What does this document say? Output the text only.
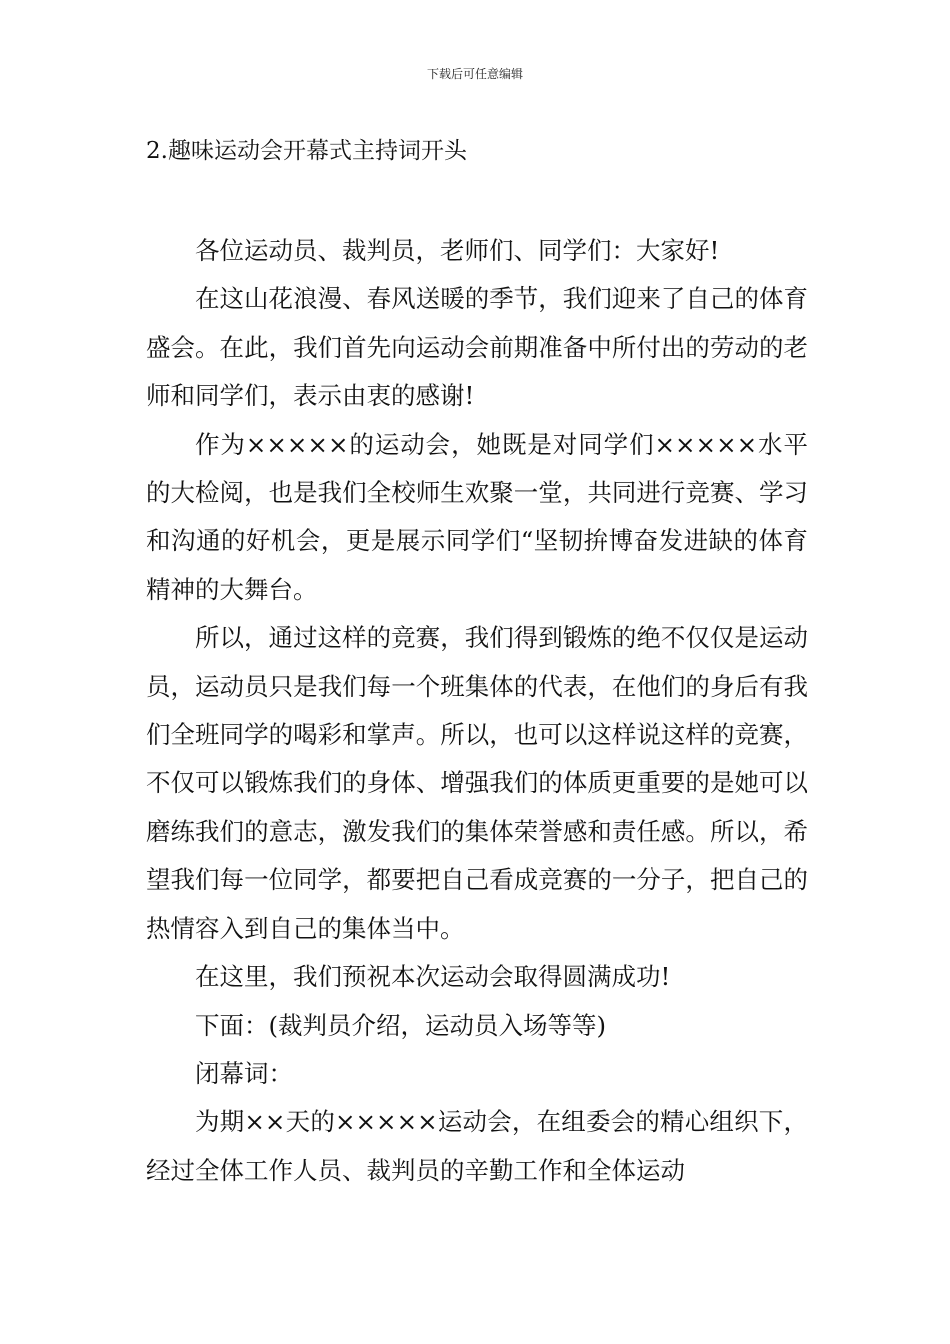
下载后可任意编辑
2.趣味运动会开幕式主持词开头

各位运动员、裁判员，老师们、同学们：大家好!

在这山花浪漫、春风送暖的季节，我们迎来了自己的体育盛会。在此，我们首先向运动会前期准备中所付出的劳动的老师和同学们，表示由衷的感谢!

作为×××××的运动会，她既是对同学们×××××水平的大检阅，也是我们全校师生欢聚一堂，共同进行竞赛、学习和沟通的好机会，更是展示同学们“坚韧拚博奋发进缺的体育精神的大舞台。

所以，通过这样的竞赛，我们得到锻炼的绝不仅仅是运动员，运动员只是我们每一个班集体的代表，在他们的身后有我们全班同学的喝彩和掌声。所以，也可以这样说这样的竞赛，不仅可以锻炼我们的身体、增强我们的体质更重要的是她可以磨练我们的意志，激发我们的集体荣誉感和责任感。所以，希望我们每一位同学，都要把自己看成竞赛的一分子，把自己的热情容入到自己的集体当中。

在这里，我们预祝本次运动会取得圆满成功!

下面：(裁判员介绍，运动员入场等等)

闭幕词：

为期××天的×××××运动会，在组委会的精心组织下，经过全体工作人员、裁判员的辛勤工作和全体运动
